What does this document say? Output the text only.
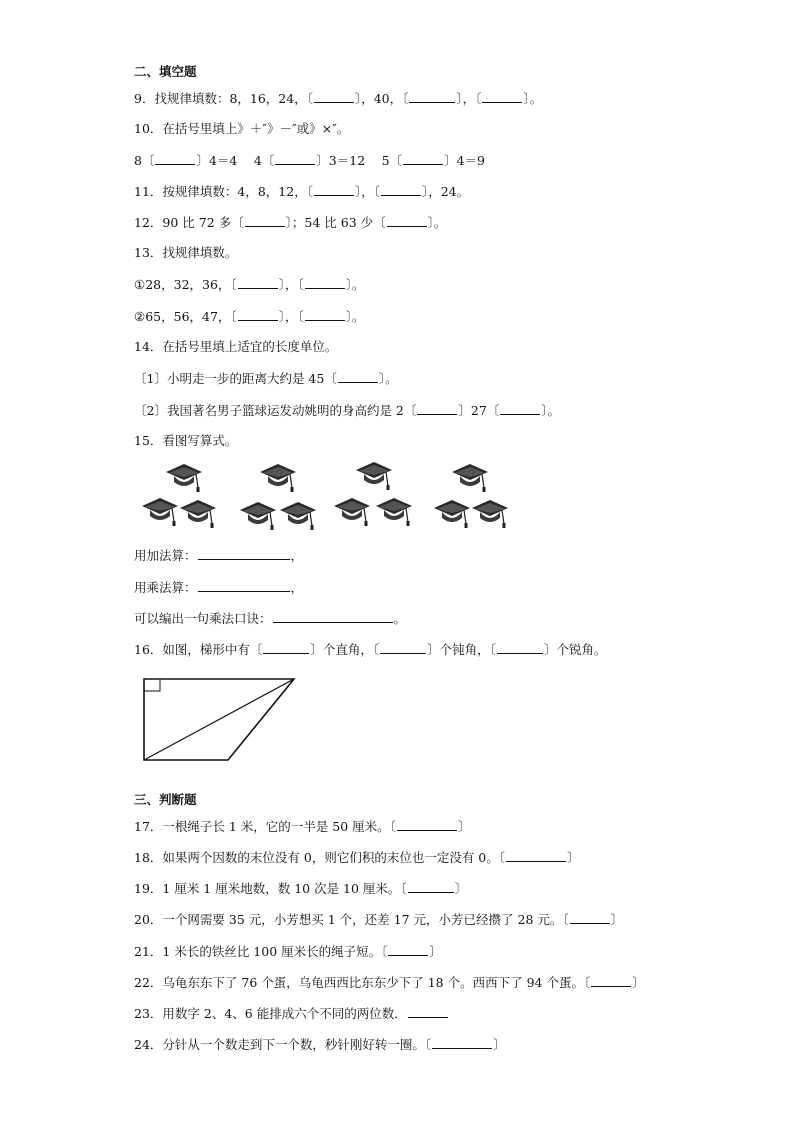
二、填空题
9．找规律填数：8，16，24，〔	〕，40，〔	〕，〔	〕。
10．在括号里填上》＋″》－″或》×″。
8〔	〕4＝4　 4〔	〕3＝12　 5〔	〕4＝9
11．按规律填数：4，8，12，〔	〕，〔	〕，24。
12．90 比 72 多〔	〕；54 比 63 少〔	〕。
13．找规律填数。
①28，32，36，〔	〕，〔	〕。
②65，56，47，〔	〕，〔	〕。
14．在括号里填上适宜的长度单位。
〔1〕小明走一步的距离大约是 45〔	〕。
〔2〕我国著名男子篮球运发动姚明的身高约是 2〔	〕27〔	〕。
15．看图写算式。
用加法算：	，
用乘法算：	，
可以编出一句乘法口诀：	。
16．如图，梯形中有〔	〕个直角，〔	〕个钝角，〔	〕个锐角。
三、判断题
17．一根绳子长 1 米，它的一半是 50 厘米。〔	〕
18．如果两个因数的末位没有 0，则它们积的末位也一定没有 0。〔	〕
19．1 厘米 1 厘米地数，数 10 次是 10 厘米。〔	〕
20．一个网需要 35 元，小芳想买 1 个，还差 17 元，小芳已经攒了 28 元。〔	〕
21．1 米长的铁丝比 100 厘米长的绳子短。〔	〕
22．乌龟东东下了 76 个蛋，乌龟西西比东东少下了 18 个。西西下了 94 个蛋。〔	〕
23．用数字 2、4、6 能排成六个不同的两位数．
24．分针从一个数走到下一个数，秒针刚好转一圈。〔	〕
